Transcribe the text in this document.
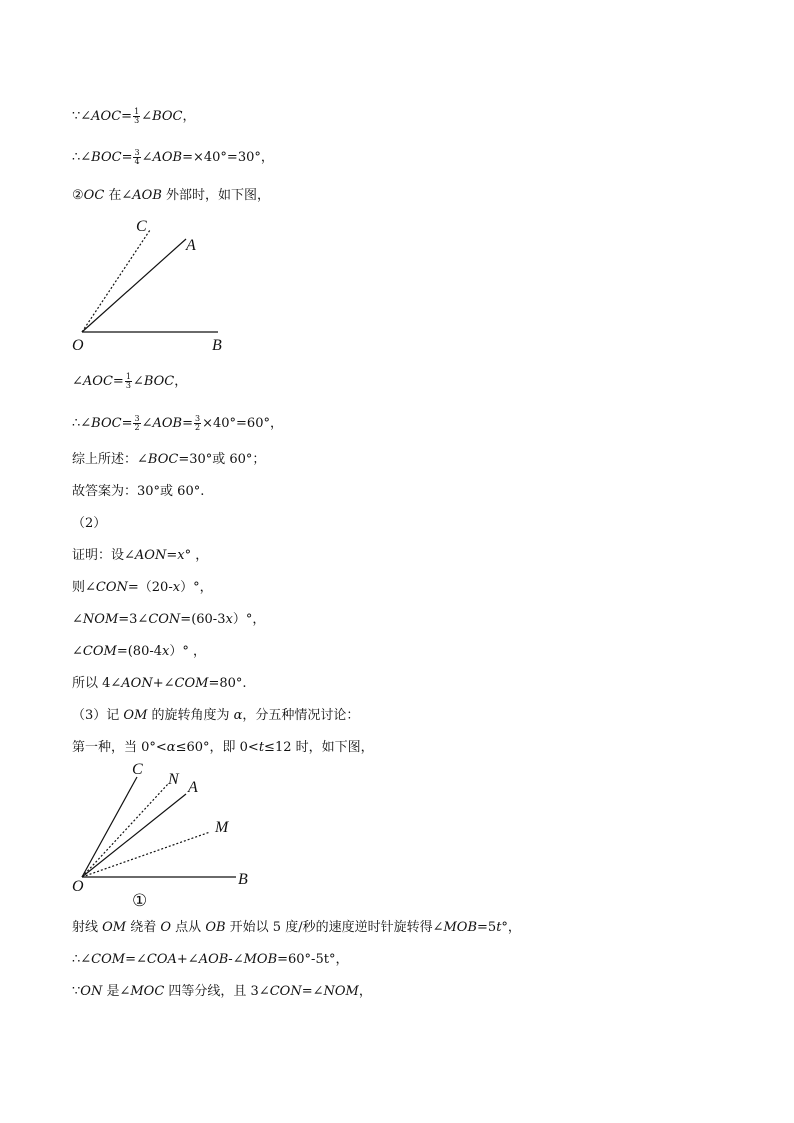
∵∠AOC= $\frac{1}{3}$ ∠BOC，
∴∠BOC= $\frac{3}{4}$ ∠AOB=×40°=30°，
②OC 在∠AOB 外部时，如下图，
C
A
O	B
∠AOC= $\frac{1}{3}$ ∠BOC，
∴∠BOC= $\frac{3}{2}$ ∠AOB= $\frac{3}{2} \times 40^\circ=60^\circ$，
综上所述：∠BOC=30°或 60°；
故答案为：30°或 60°.
（2）
证明：设∠AON=x° ，
则∠CON=（20-x）°，
∠NOM=3∠CON=(60-3x）°，
∠COM=(80-4x）° ，
所以 4∠AON+∠COM=80°.
（3）记 OM 的旋转角度为 α，分五种情况讨论：
第一种，当 0°<α≤60°，即 0<t≤12 时，如下图，
C
N A
M
O	B
①
射线 OM 绕着 O 点从 OB 开始以 5 度/秒的速度逆时针旋转得∠MOB=5t°，
∴∠COM=∠COA+∠AOB-∠MOB=60°-5t°，
∵ON 是∠MOC 四等分线，且 3∠CON=∠NOM，
